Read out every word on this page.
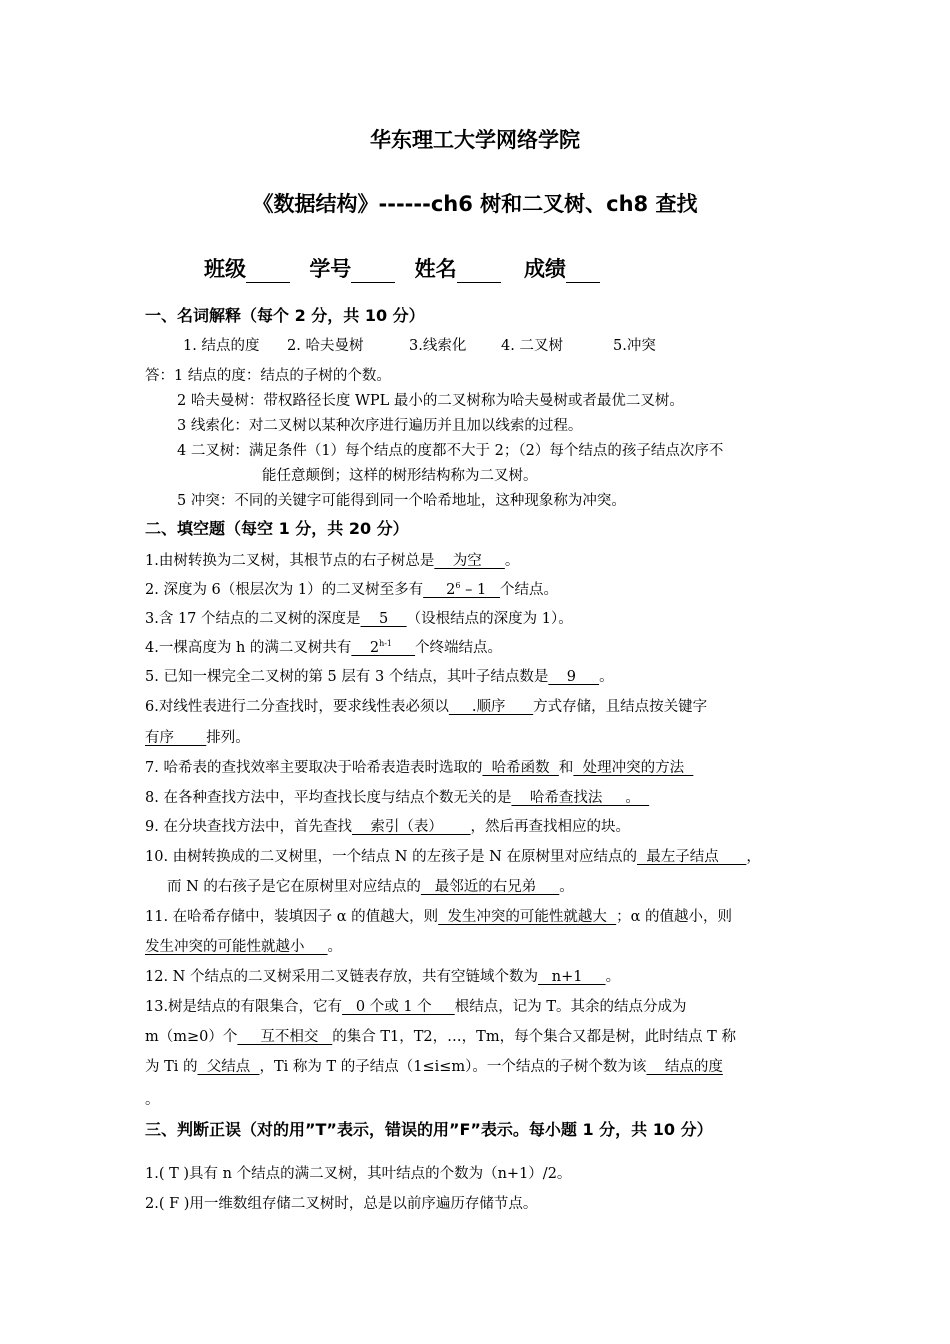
华东理工大学网络学院
《数据结构》------ch6 树和二叉树、ch8 查找
班级	学号	姓名	成绩
一、名词解释（每个 2 分，共 10 分）
1. 结点的度 2. 哈夫曼树	3.线索化 4. 二叉树	5.冲突
答：1 结点的度：结点的子树的个数。
2 哈夫曼树：带权路径长度 WPL 最小的二叉树称为哈夫曼树或者最优二叉树。
3 线索化：对二叉树以某种次序进行遍历并且加以线索的过程。
4 二叉树：满足条件（1）每个结点的度都不大于 2；（2）每个结点的孩子结点次序不
能任意颠倒；这样的树形结构称为二叉树。
5 冲突：不同的关键字可能得到同一个哈希地址，这种现象称为冲突。
二、填空题（每空 1 分，共 20 分）
1.由树转换为二叉树，其根节点的右子树总是    为空     。
2. 深度为 6（根层次为 1）的二叉树至多有     $2^6 - 1$   个结点。
3.含 17 个结点的二叉树的深度是    5    （设根结点的深度为 1）。
4.一棵高度为 h 的满二叉树共有    2$^{h-1}$ 个终端结点。
5. 已知一棵完全二叉树的第 5 层有 3 个结点，其叶子结点数是    9     。
6.对线性表进行二分查找时，要求线性表必须以     .顺序      方式存储，且结点按关键字
有序       排列。
7. 哈希表的查找效率主要取决于哈希表造表时选取的  哈希函数  和  处理冲突的方法
8. 在各种查找方法中，平均查找长度与结点个数无关的是    哈希查找法     。
9. 在分块查找方法中，首先查找    索引（表）      ，然后再查找相应的块。
10. 由树转换成的二叉树里，一个结点 N 的左孩子是 N 在原树里对应结点的  最左子结点      ，
而 N 的右孩子是它在原树里对应结点的   最邻近的右兄弟     。
11. 在哈希存储中，装填因子 α 的值越大，则  发生冲突的可能性就越大  ；α 的值越小，则
发生冲突的可能性就越小     。
12. N 个结点的二叉树采用二叉链表存放，共有空链域个数为   n+1     。
13.树是结点的有限集合，它有   0 个或 1 个     根结点，记为 T。其余的结点分成为
m（m≥0）个     互不相交   的集合 T1，T2，…，Tm，每个集合又都是树，此时结点 T 称
为 Ti 的  父结点  ，Ti 称为 T 的子结点（1≤i≤m）。一个结点的子树个数为该    结点的度
。
三、判断正误（对的用”T”表示，错误的用”F”表示。每小题 1 分，共 10 分）
1.( T )具有 n 个结点的满二叉树，其叶结点的个数为（n+1）/2。
2.( F )用一维数组存储二叉树时，总是以前序遍历存储节点。
